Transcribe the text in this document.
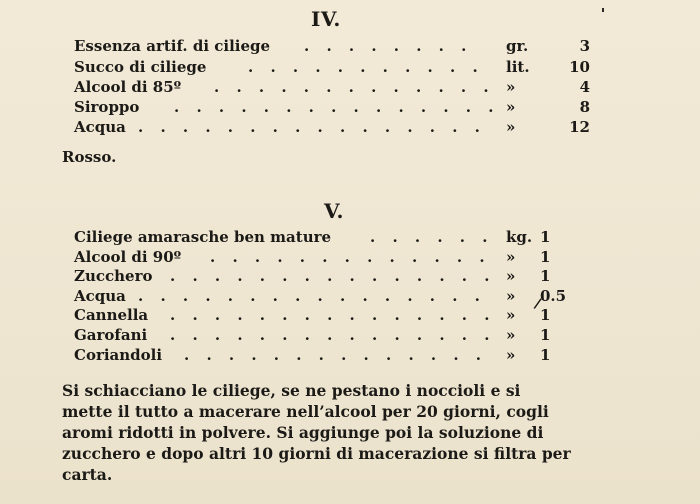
IV.
Essenza artif. di ciliege . . . . . . . . gr.	3
Succo di ciliege	. . . . . . . . . . . lit.	10
Alcool di 85º . . . . . . . . . . . . . »	4
Siroppo . . . . . . . . . . . . . . . »	8
Acqua . . . . . . . . . . . . . . . . »	12
Rosso.
V.
Ciliege amarasche ben mature	. . . . . . kg. 1
Alcool di 90º . . . . . . . . . . . . . » 1
Zucchero . . . . . . . . . . . . . . . » 1
Acqua . . . . . . . . . . . . . . . . » 0.5
Cannella . . . . . . . . . . . . . . . » 1
Garofani . . . . . . . . . . . . . . . » 1
Coriandoli . . . . . . . . . . . . . . » 1
/
Si schiacciano le ciliege, se ne pestano i noccioli e si
mette il tutto a macerare nell’alcool per 20 giorni, cogli
aromi ridotti in polvere. Si aggiunge poi la soluzione di
zucchero e dopo altri 10 giorni di macerazione si filtra per
carta.
